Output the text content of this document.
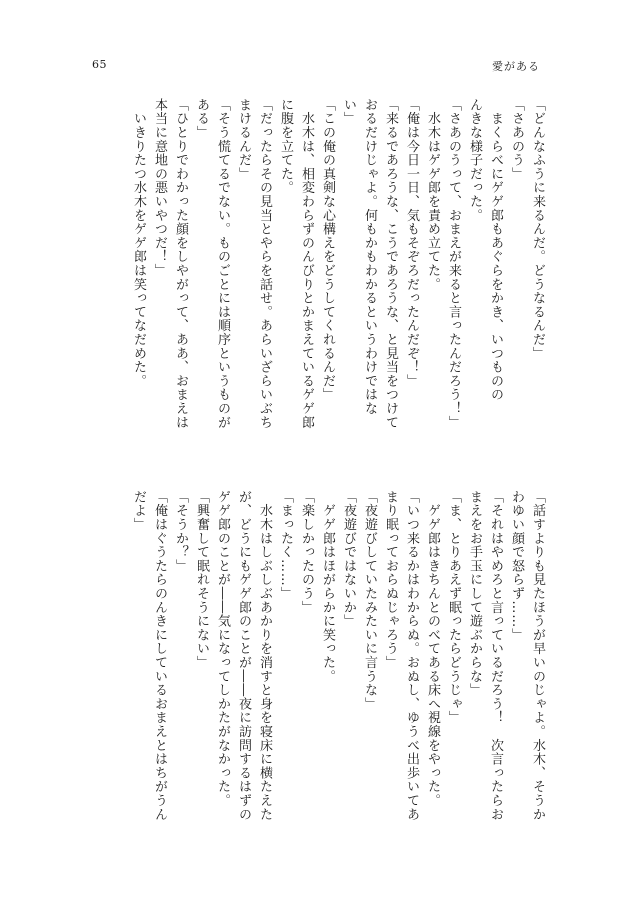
65	愛がある
「どんなふうに来るんだ。どうなるんだ」
「さあのう」
　まくらべにゲゲ郎もあぐらをかき、いつものの
んきな様子だった。
「さあのうって、おまえが来ると言ったんだろう！」
　水木はゲゲ郎を責め立てた。
「俺は今日一日、気もそぞろだったんだぞ！」
「来るであろうな、こうであろうな、と見当をつけて
おるだけじゃよ。何もかもわかるというわけではな
い」
「この俺の真剣な心構えをどうしてくれるんだ」
　水木は、相変わらずのんびりとかまえているゲゲ郎
に腹を立てた。
「だったらその見当とやらを話せ。あらいざらいぶち
まけるんだ」
「そう慌てるでない。ものごとには順序というものが
ある」
「ひとりでわかった顔をしやがって、ああ、おまえは
本当に意地の悪いやつだ！」
　いきりたつ水木をゲゲ郎は笑ってなだめた。
「話すよりも見たほうが早いのじゃよ。水木、そうか
わゆい顔で怒らず……」
「それはやめろと言っているだろう！　次言ったらお
まえをお手玉にして遊ぶからな」
「ま、とりあえず眠ったらどうじゃ」
　ゲゲ郎はきちんとのべてある床へ視線をやった。
「いつ来るかはわからぬ。おぬし、ゆうべ出歩いてあ
まり眠っておらぬじゃろう」
「夜遊びしていたみたいに言うな」
「夜遊びではないか」
　ゲゲ郎はほがらかに笑った。
「楽しかったのう」
「まったく……」
　水木はしぶしぶあかりを消すと身を寝床に横たえた
が、どうにもゲゲ郎のことが――夜に訪問するはずの
ゲゲ郎のことが――気になってしかたがなかった。
「興奮して眠れそうにない」
「そうか？」
「俺はぐうたらのんきにしているおまえとはちがうん
だよ」
